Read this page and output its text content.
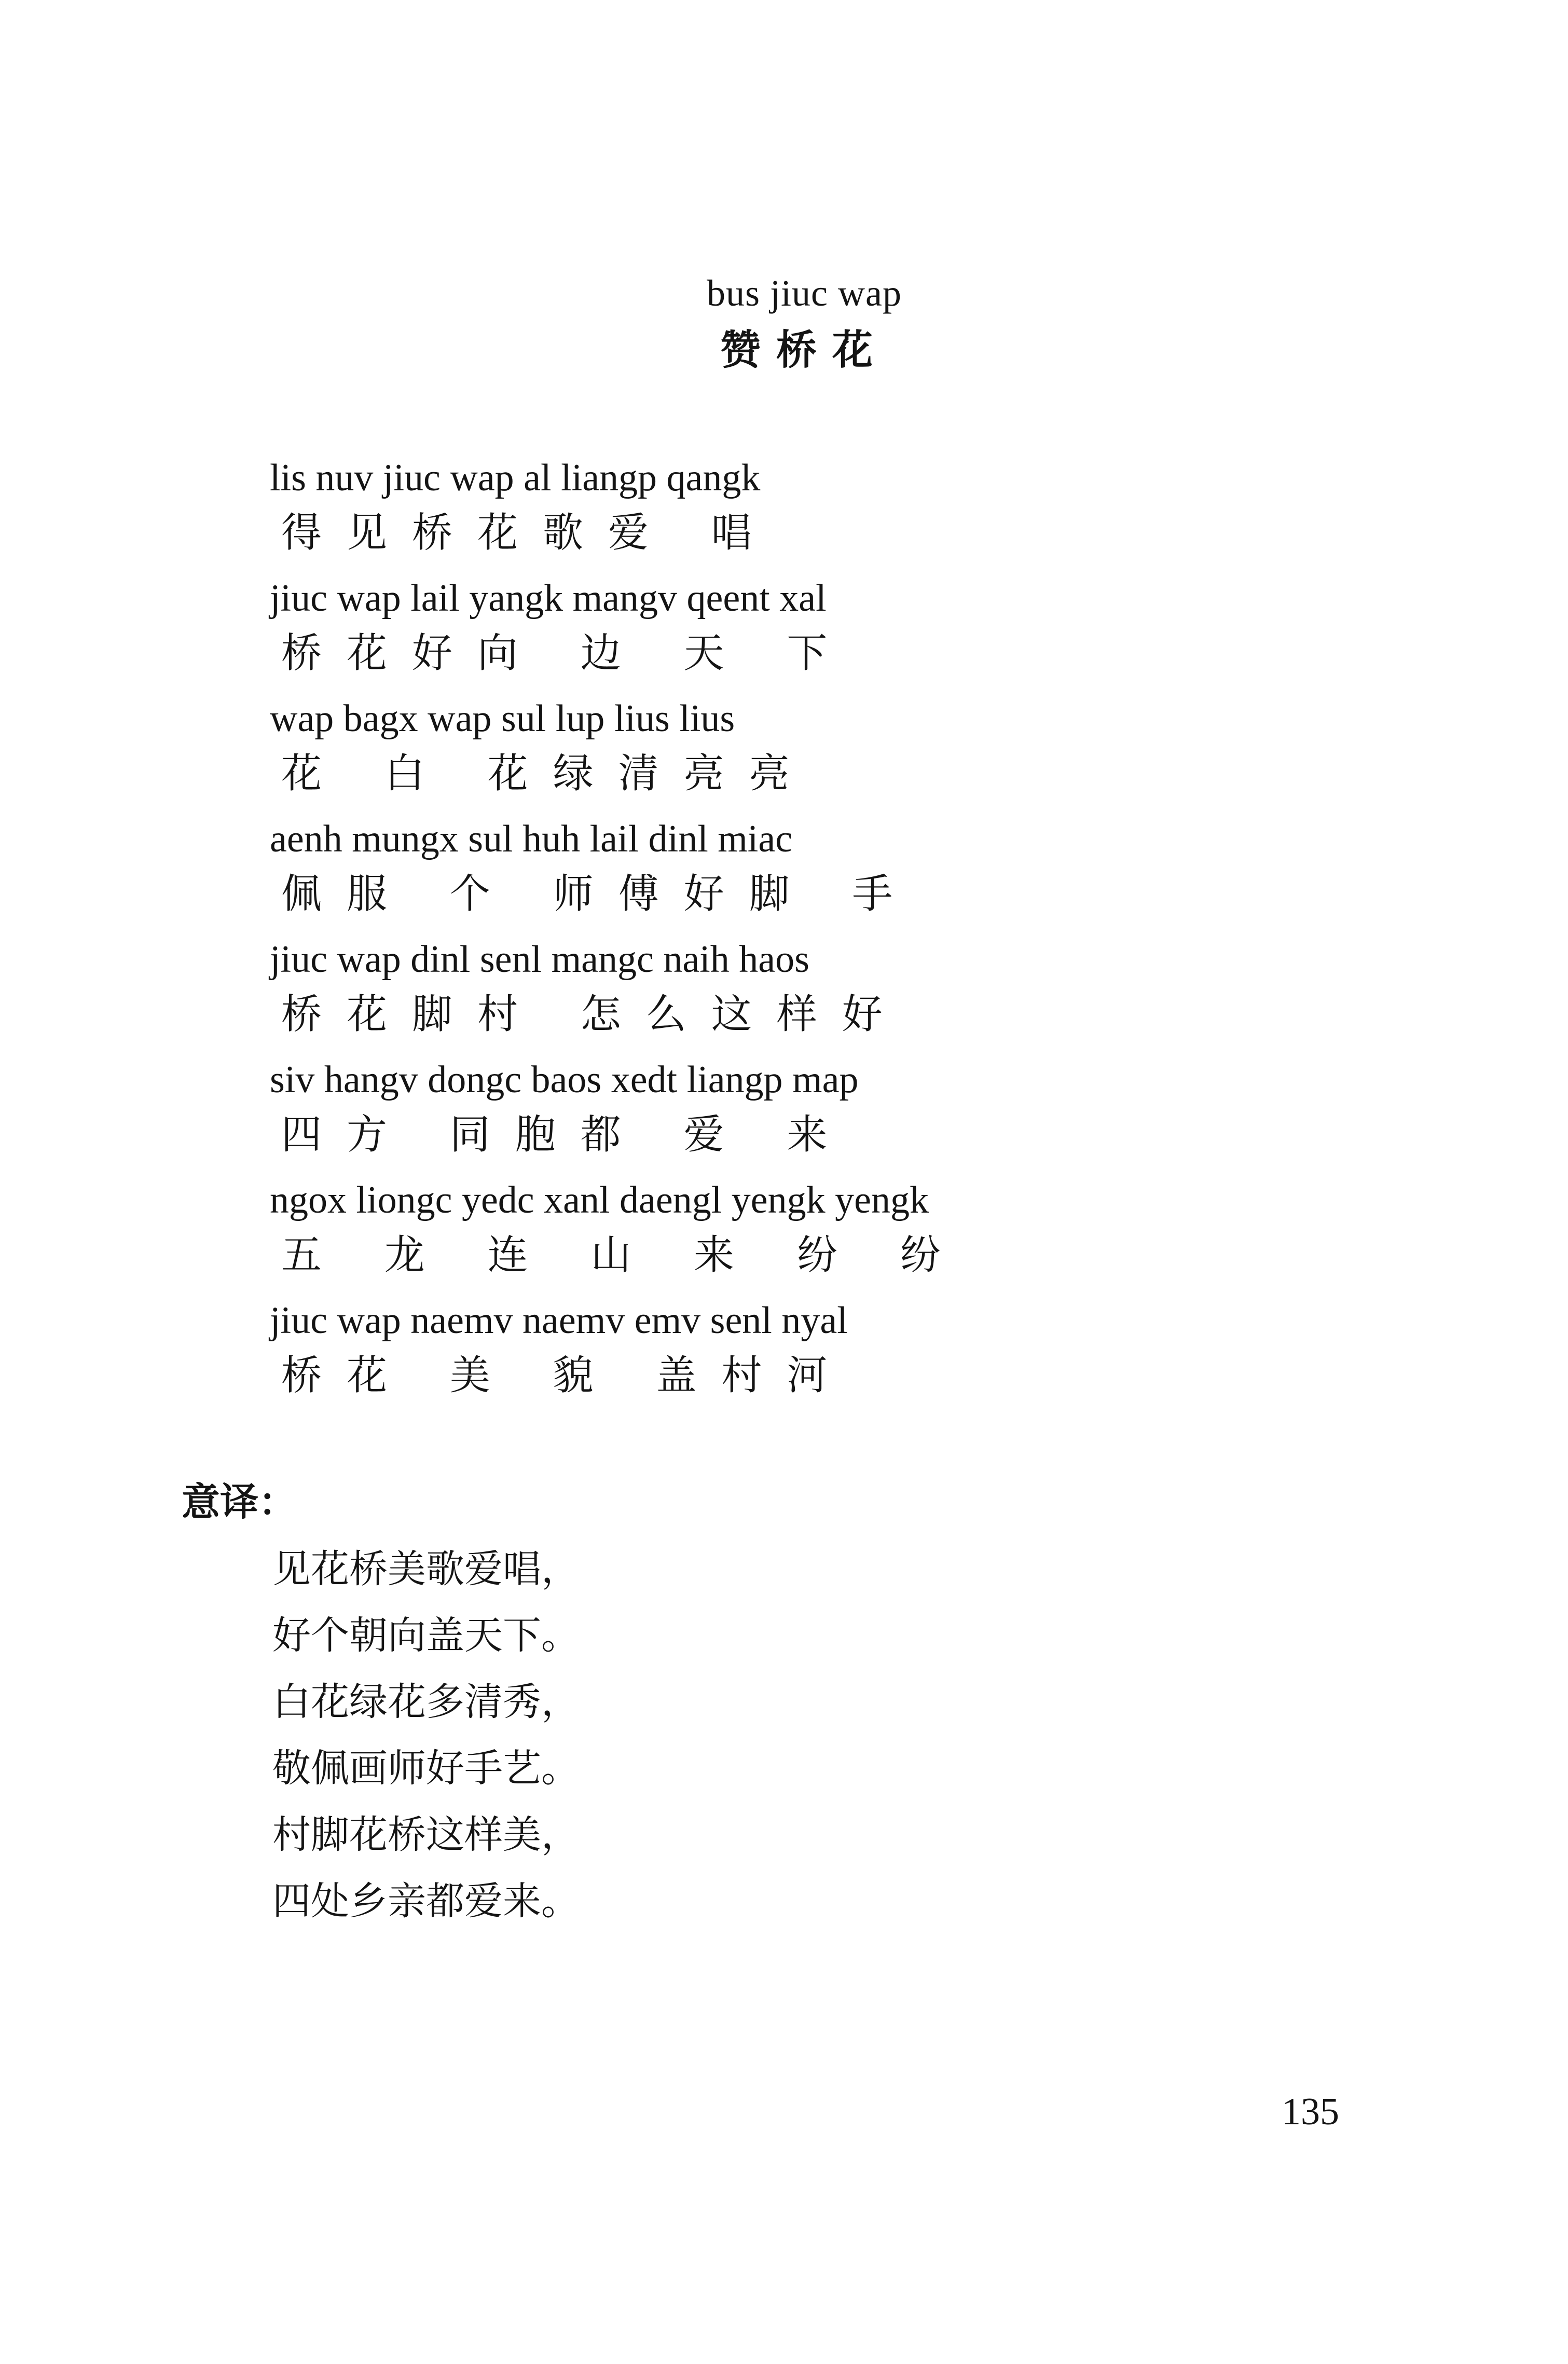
bus jiuc wap
赞桥花
lis nuv jiuc wap al liangp qangk
得见桥花歌爱 唱
jiuc wap lail yangk mangv qeent xal
桥花好向 边 天 下
wap bagx wap sul lup lius lius
花 白 花绿清亮亮
aenh mungx sul huh lail dinl miac
佩服 个 师傅好脚 手
jiuc wap dinl senl mangc naih haos
桥花脚村 怎么这样好
siv hangv dongc baos xedt liangp map
四方 同胞都 爱 来
ngox liongc yedc xanl daengl yengk yengk
五 龙 连 山 来 纷 纷
jiuc wap naemv naemv emv senl nyal
桥花 美 貌 盖村河
意译：
见花桥美歌爱唱，
好个朝向盖天下。
白花绿花多清秀，
敬佩画师好手艺。
村脚花桥这样美，
四处乡亲都爱来。
135
